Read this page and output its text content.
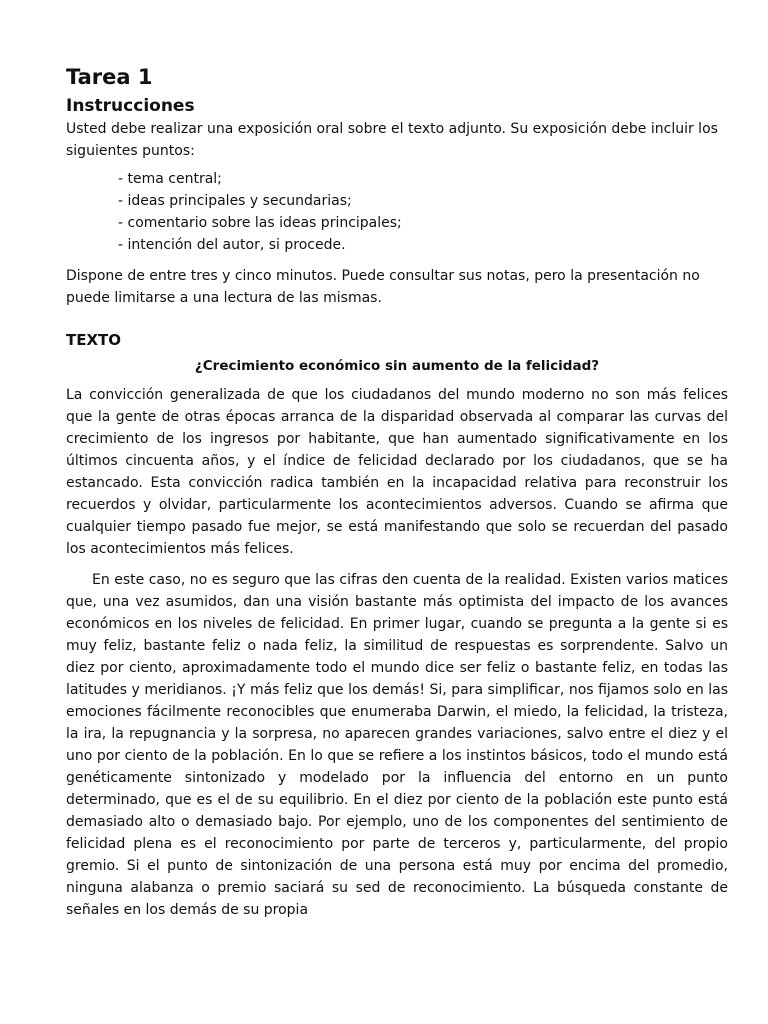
Tarea 1
Instrucciones

Usted debe realizar una exposición oral sobre el texto adjunto. Su exposición debe incluir los siguientes puntos:

- tema central;
- ideas principales y secundarias;
- comentario sobre las ideas principales;
- intención del autor, si procede.

Dispone de entre tres y cinco minutos. Puede consultar sus notas, pero la presentación no puede limitarse a una lectura de las mismas.

TEXTO
¿Crecimiento económico sin aumento de la felicidad?

La convicción generalizada de que los ciudadanos del mundo moderno no son más felices que la gente de otras épocas arranca de la disparidad observada al comparar las curvas del crecimiento de los ingresos por habitante, que han aumentado significativamente en los últimos cincuenta años, y el índice de felicidad declarado por los ciudadanos, que se ha estancado. Esta convicción radica también en la incapacidad relativa para reconstruir los recuerdos y olvidar, particularmente los acontecimientos adversos. Cuando se afirma que cualquier tiempo pasado fue mejor, se está manifestando que solo se recuerdan del pasado los acontecimientos más felices.

En este caso, no es seguro que las cifras den cuenta de la realidad. Existen varios matices que, una vez asumidos, dan una visión bastante más optimista del impacto de los avances económicos en los niveles de felicidad. En primer lugar, cuando se pregunta a la gente si es muy feliz, bastante feliz o nada feliz, la similitud de respuestas es sorprendente. Salvo un diez por ciento, aproximadamente todo el mundo dice ser feliz o bastante feliz, en todas las latitudes y meridianos. ¡Y más feliz que los demás! Si, para simplificar, nos fijamos solo en las emociones fácilmente reconocibles que enumeraba Darwin, el miedo, la felicidad, la tristeza, la ira, la repugnancia y la sorpresa, no aparecen grandes variaciones, salvo entre el diez y el uno por ciento de la población. En lo que se refiere a los instintos básicos, todo el mundo está genéticamente sintonizado y modelado por la influencia del entorno en un punto determinado, que es el de su equilibrio. En el diez por ciento de la población este punto está demasiado alto o demasiado bajo. Por ejemplo, uno de los componentes del sentimiento de felicidad plena es el reconocimiento por parte de terceros y, particularmente, del propio gremio. Si el punto de sintonización de una persona está muy por encima del promedio, ninguna alabanza o premio saciará su sed de reconocimiento. La búsqueda constante de señales en los demás de su propia
